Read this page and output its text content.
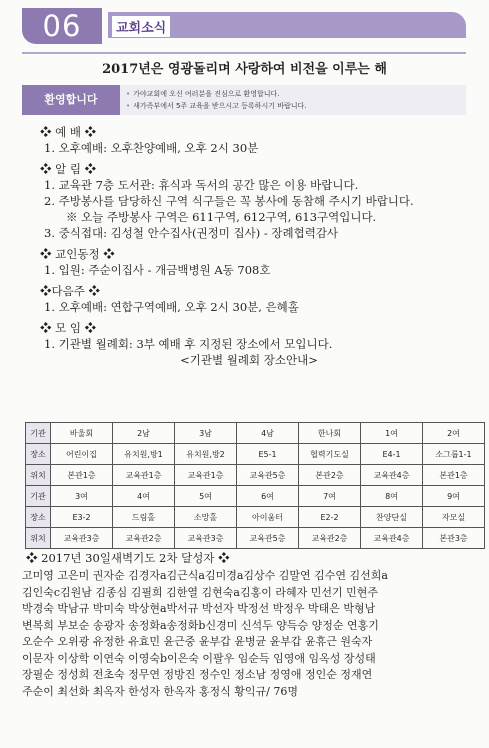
06	교회소식
2017년은 영광돌리며 사랑하여 비전을 이루는 해
환영합니다	• 가야교회에 오신 여러분을 진심으로 환영합니다.
• 새가족부에서 5주 교육을 받으시고 등록하시기 바랍니다.
❖ 예 배 ❖
1. 오후예배: 오후찬양예배, 오후 2시 30분
❖ 알 림 ❖
1. 교육관 7층 도서관: 휴식과 독서의 공간 많은 이용 바랍니다.
2. 주방봉사를 담당하신 구역 식구들은 꼭 봉사에 동참해 주시기 바랍니다.
※ 오늘 주방봉사 구역은 611구역, 612구역, 613구역입니다.
3. 중식접대: 김성철 안수집사(권정미 집사) - 장례협력감사
❖ 교인동정 ❖
1. 입원: 주순이집사 - 개금백병원 A동 708호
❖다음주 ❖
1. 오후예배: 연합구역예배, 오후 2시 30분, 은혜홀
❖ 모 임 ❖
1. 기관별 월례회: 3부 예배 후 지정된 장소에서 모입니다.
<기관별 월례회 장소안내>
기관	바울회	2남	3남	4남	한나회	1여	2여
장소	어린이집	유치원,방1	유치원,방2	E5-1	협력기도실	E4-1	소그룹1-1
위치	본관1층	교육관1층	교육관1층	교육관5층	본관2층	교육관4층	본관1층
기관	3여	4여	5여	6여	7여	8여	9여
장소	E3-2	드림홀	소망홀	아이움터	E2-2	찬양단실	자모실
위치	교육관3층	교육관2층	교육관3층	교육관5층	교육관2층	교육관4층	본관3층
❖ 2017년 30일새벽기도 2차 달성자 ❖
고미영 고은미 권자순 김경자a김근식a김미경a김상수 김말연 김수연 김선희a
김인숙c김원남 김종심 김필희 김한열 김현숙a김홍이 라혜자 민선기 민현주
박경숙 박남규 박미숙 박상현a박서규 박선자 박정선 박정우 박태은 박형남
변복희 부보순 송광자 송정화a송정화b신경미 신석두 양득승 양정순 연홍기
오순수 오위광 유정한 유효민 윤근중 윤부갑 윤병균 윤부갑 윤휴근 원숙자
이문자 이상학 이연숙 이영숙b이은숙 이팔우 임순득 임영애 임옥성 장성태
장필순 정성희 전초숙 정무연 정방진 정수인 정소남 정영애 정인순 정재연
주순이 최선화 최옥자 한성자 한옥자 홍정식 황익규/ 76명
